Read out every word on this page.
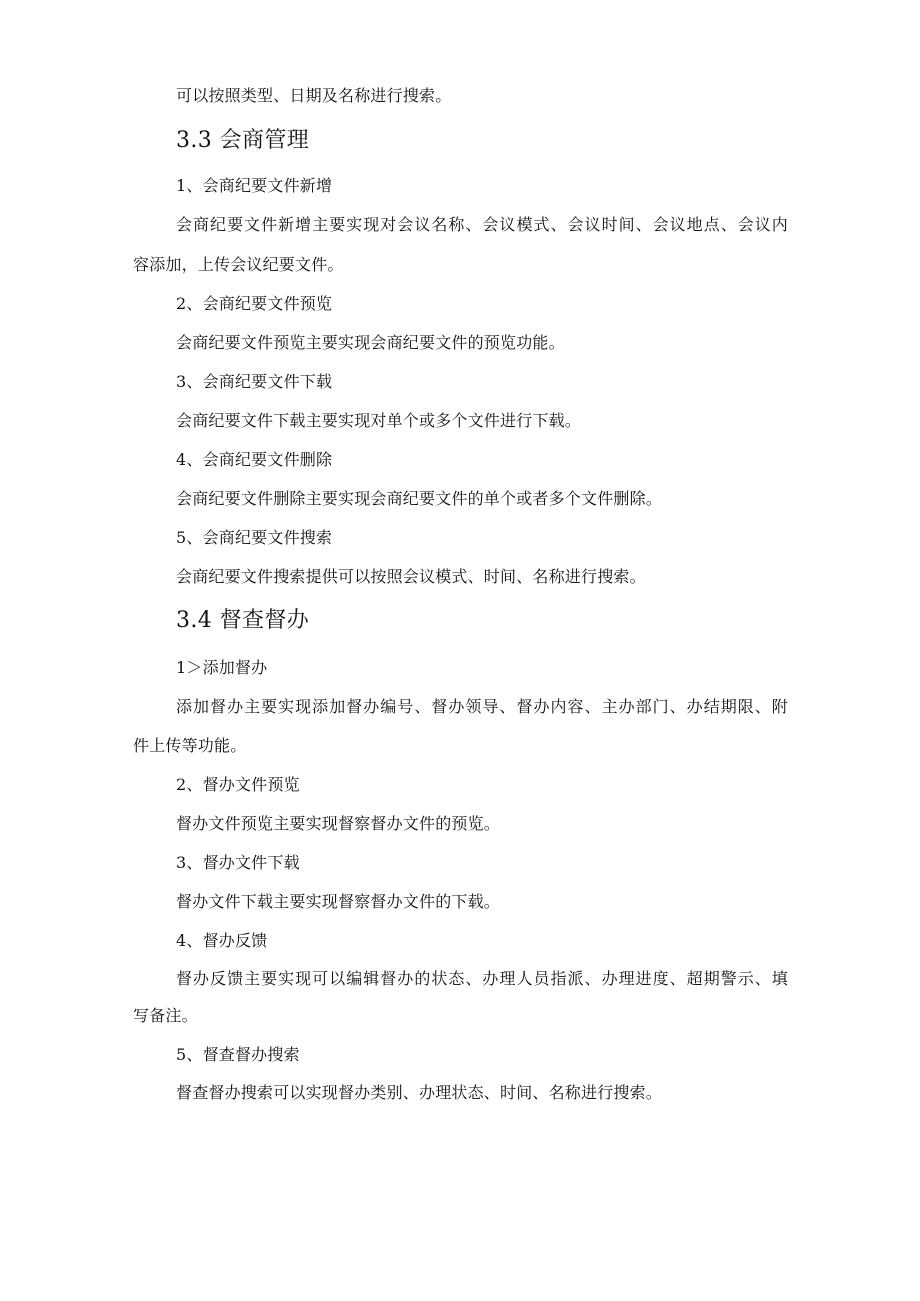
可以按照类型、日期及名称进行搜索。
3.3 会商管理
1、会商纪要文件新增
会商纪要文件新增主要实现对会议名称、会议模式、会议时间、会议地点、会议内
容添加，上传会议纪要文件。
2、会商纪要文件预览
会商纪要文件预览主要实现会商纪要文件的预览功能。
3、会商纪要文件下载
会商纪要文件下载主要实现对单个或多个文件进行下载。
4、会商纪要文件删除
会商纪要文件删除主要实现会商纪要文件的单个或者多个文件删除。
5、会商纪要文件搜索
会商纪要文件搜索提供可以按照会议模式、时间、名称进行搜索。
3.4 督查督办
1＞添加督办
添加督办主要实现添加督办编号、督办领导、督办内容、主办部门、办结期限、附
件上传等功能。
2、督办文件预览
督办文件预览主要实现督察督办文件的预览。
3、督办文件下载
督办文件下载主要实现督察督办文件的下载。
4、督办反馈
督办反馈主要实现可以编辑督办的状态、办理人员指派、办理进度、超期警示、填
写备注。
5、督查督办搜索
督查督办搜索可以实现督办类别、办理状态、时间、名称进行搜索。
